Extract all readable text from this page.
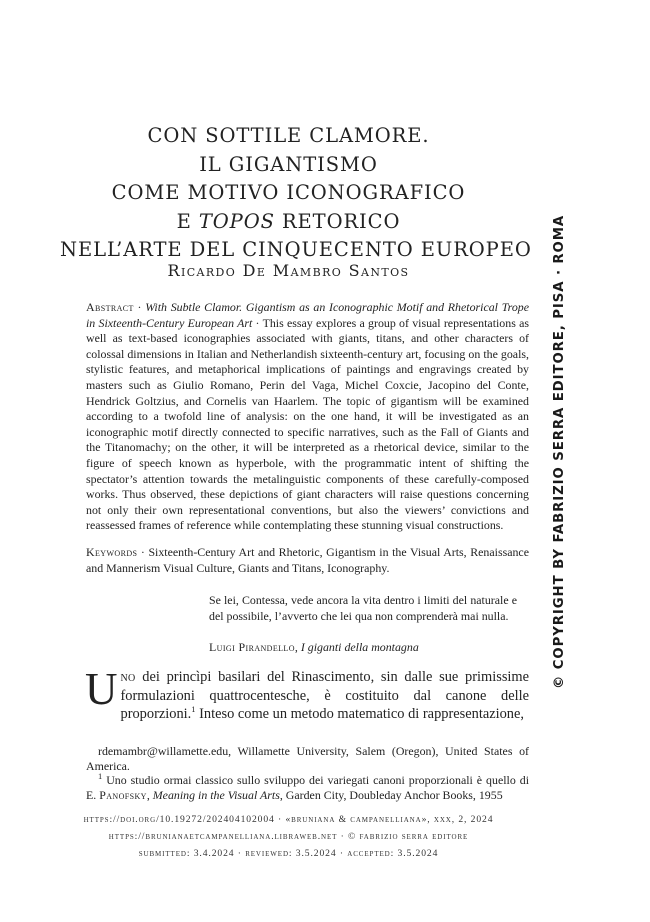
CON SOTTILE CLAMORE.
IL GIGANTISMO
COME MOTIVO ICONOGRAFICO
E TOPOS RETORICO
NELL’ARTE DEL CINQUECENTO EUROPEO
Ricardo De Mambro Santos
Abstract · With Subtle Clamor. Gigantism as an Iconographic Motif and Rhetorical Trope in Sixteenth-Century European Art · This essay explores a group of visual representations as well as text-based iconographies associated with giants, titans, and other characters of colossal dimensions in Italian and Netherlandish sixteenth-century art, focusing on the goals, stylistic features, and metaphorical implications of paintings and engravings created by masters such as Giulio Romano, Perin del Vaga, Michel Coxcie, Jacopino del Conte, Hendrick Goltzius, and Cornelis van Haarlem. The topic of gigantism will be examined according to a twofold line of analysis: on the one hand, it will be investigated as an iconographic motif directly connected to specific narratives, such as the Fall of Giants and the Titanomachy; on the other, it will be interpreted as a rhetorical device, similar to the figure of speech known as hyperbole, with the programmatic intent of shifting the spectator’s attention towards the metalinguistic components of these carefully-composed works. Thus observed, these depictions of giant characters will raise questions concerning not only their own representational conventions, but also the viewers’ convictions and reassessed frames of reference while contemplating these stunning visual constructions.
Keywords · Sixteenth-Century Art and Rhetoric, Gigantism in the Visual Arts, Renaissance and Mannerism Visual Culture, Giants and Titans, Iconography.
Se lei, Contessa, vede ancora la vita dentro i limiti del naturale e del possibile, l’avverto che lei qua non comprenderà mai nulla.
Luigi Pirandello, I giganti della montagna
Uno dei princìpi basilari del Rinascimento, sin dalle sue primissime formulazioni quattrocentesche, è costituito dal canone delle proporzioni.$^1$ Inteso come un metodo matematico di rappresentazione,
rdemambr@willamette.edu, Willamette University, Salem (Oregon), United States of America.
$^1$ Uno studio ormai classico sullo sviluppo dei variegati canoni proporzionali è quello di E. Panofsky, Meaning in the Visual Arts, Garden City, Doubleday Anchor Books, 1955
https://doi.org/10.19272/202404102004 · «bruniana & campanelliana», xxx, 2, 2024
https://brunianaetcampanelliana.libraweb.net · © fabrizio serra editore
submitted: 3.4.2024 · reviewed: 3.5.2024 · accepted: 3.5.2024
© COPYRIGHT BY FABRIZIO SERRA EDITORE, PISA · ROMA
